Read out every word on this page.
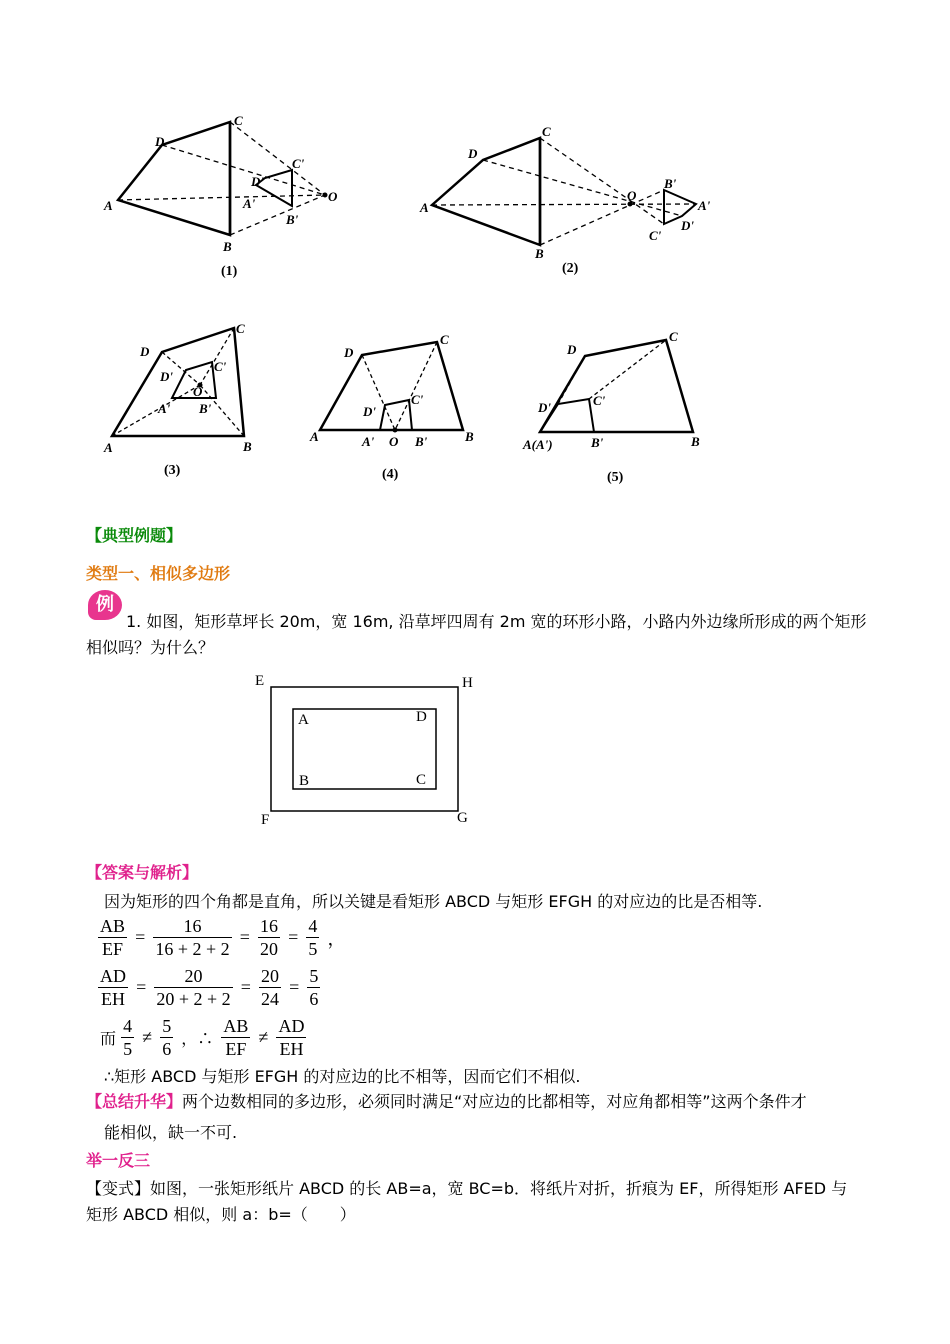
A
B
C
D
A'
B'
C'
D'
O
A
B
C
D
A'
B'
C'
D'
O
A	B
C
D
A' B'
C'
D'
O
A	B
C
D
A'	B'
C'
D'
O	A(A')	B
C
D
B'
C'
D'
(1)	(2)
(3)	(4)	(5)
【典型例题】
类型一、相似多边形
例
1. 如图，矩形草坪长 20m，宽 16m, 沿草坪四周有 2m 宽的环形小路，小路内外边缘所形成的两个矩形
相似吗？为什么？
E	H
F	G
A	D
B	C
【答案与解析】
因为矩形的四个角都是直角，所以关键是看矩形 ABCD 与矩形 EFGH 的对应边的比是否相等.
$\frac{AB}{EF} = \frac{16}{16 + 2 + 2} = \frac{16}{20} = \frac{4}{5}$ ，
$\frac{AD}{EH} = \frac{20}{20 + 2 + 2} = \frac{20}{24} = \frac{5}{6}$
而 $\frac{4}{5} \ne \frac{5}{6}$ ，∴ $\frac{AB}{EF} \ne \frac{AD}{EH}$
∴矩形 ABCD 与矩形 EFGH 的对应边的比不相等，因而它们不相似.
【总结升华】两个边数相同的多边形，必须同时满足“对应边的比都相等，对应角都相等”这两个条件才
能相似，缺一不可.
举一反三
【变式】如图，一张矩形纸片 ABCD 的长 AB=a，宽 BC=b．将纸片对折，折痕为 EF，所得矩形 AFED 与
矩形 ABCD 相似，则 a：b=（　　）
